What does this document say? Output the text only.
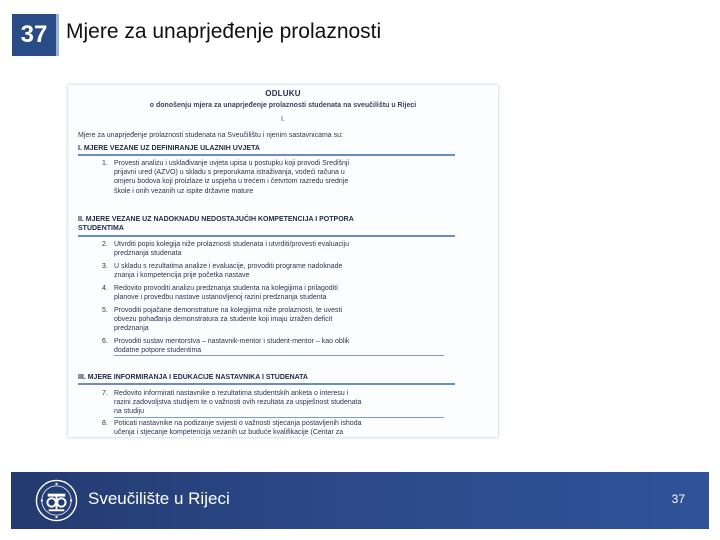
37 Mjere za unaprjeđenje prolaznosti
ODLUKU
o donošenju mjera za unaprjeđenje prolaznosti studenata na sveučilištu u Rijeci
I.
Mjere za unaprjeđenje prolaznosti studenata na Sveučilištu i njenim sastavnicama su:
I. MJERE VEZANE UZ DEFINIRANJE ULAZNIH UVJETA
1. Provesti analizu i usklađivanje uvjeta upisa u postupku koji provodi Središnji
prijavni ured (AZVO) u skladu s preporukama istraživanja, vodeći računa u
omjeru bodova koji proizlaze iz uspjeha u trećem i četvrtom razredu srednje
škole i onih vezanih uz ispite državne mature
II. MJERE VEZANE UZ NADOKNADU NEDOSTAJUĆIH KOMPETENCIJA I POTPORA
STUDENTIMA
2. Utvrditi popis kolegija niže prolaznosti studenata i utvrditi/provesti evaluaciju
predznanja studenata
3. U skladu s rezultatima analize i evaluacije, provoditi programe nadoknade
znanja i kompetencija prije početka nastave
4. Redovito provoditi analizu predznanja studenta na kolegijima i prilagoditi
planove i provedbu nastave ustanovljenoj razini predznanja studenta
5. Provoditi pojačane demonstrature na kolegijima niže prolaznosti, te uvesti
obvezu pohađanja demonstratura za studente koji imaju izražen deficit
predznanja
6. Provoditi sustav mentorstva – nastavnik-mentor i student-mentor – kao oblik
dodatne potpore studentima
III. MJERE INFORMIRANJA I EDUKACIJE NASTAVNIKA I STUDENATA
7. Redovito informirati nastavnike o rezultatima studentskih anketa o interesu i
razini zadovoljstva studijem te o važnosti ovih rezultata za uspješnost studenata
na studiju
8. Poticati nastavnike na podizanje svijesti o važnosti stjecanja postavljenih ishoda
učenja i stjecanje kompetencija vezanih uz buduće kvalifikacije (Centar za
Sveučilište u Rijeci	37
